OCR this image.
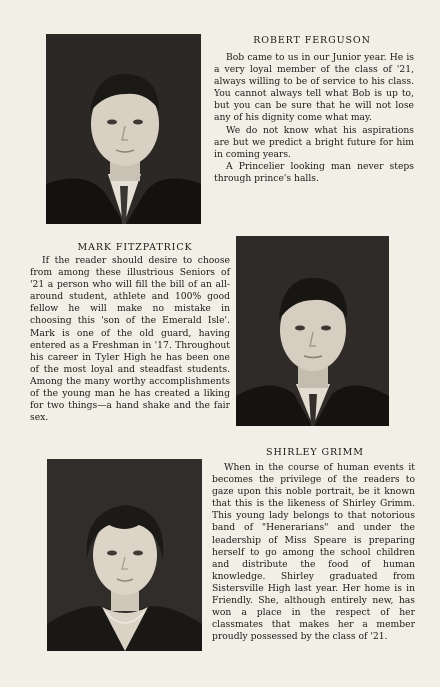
ROBERT FERGUSON

Bob came to us in our Junior year. He is a very loyal member of the class of '21, always willing to be of service to his class. You cannot always tell what Bob is up to, but you can be sure that he will not lose any of his dignity come what may.

We do not know what his aspirations are but we predict a bright future for him in coming years.

A Princelier looking man never steps through prince's halls.

MARK FITZPATRICK

If the reader should desire to choose from among these illustrious Seniors of '21 a person who will fill the bill of an all-around student, athlete and 100% good fellow he will make no mistake in choosing this 'son of the Emerald Isle'. Mark is one of the old guard, having entered as a Freshman in '17. Throughout his career in Tyler High he has been one of the most loyal and steadfast students. Among the many worthy accomplishments of the young man he has created a liking for two things—a hand shake and the fair sex.

SHIRLEY GRIMM

When in the course of human events it becomes the privilege of the readers to gaze upon this noble portrait, be it known that this is the likeness of Shirley Grimm. This young lady belongs to that notorious band of "Henerarians" and under the leadership of Miss Speare is preparing herself to go among the school children and distribute the food of human knowledge. Shirley graduated from Sistersville High last year. Her home is in Friendly. She, although entirely new, has won a place in the respect of her classmates that makes her a member proudly possessed by the class of '21.
